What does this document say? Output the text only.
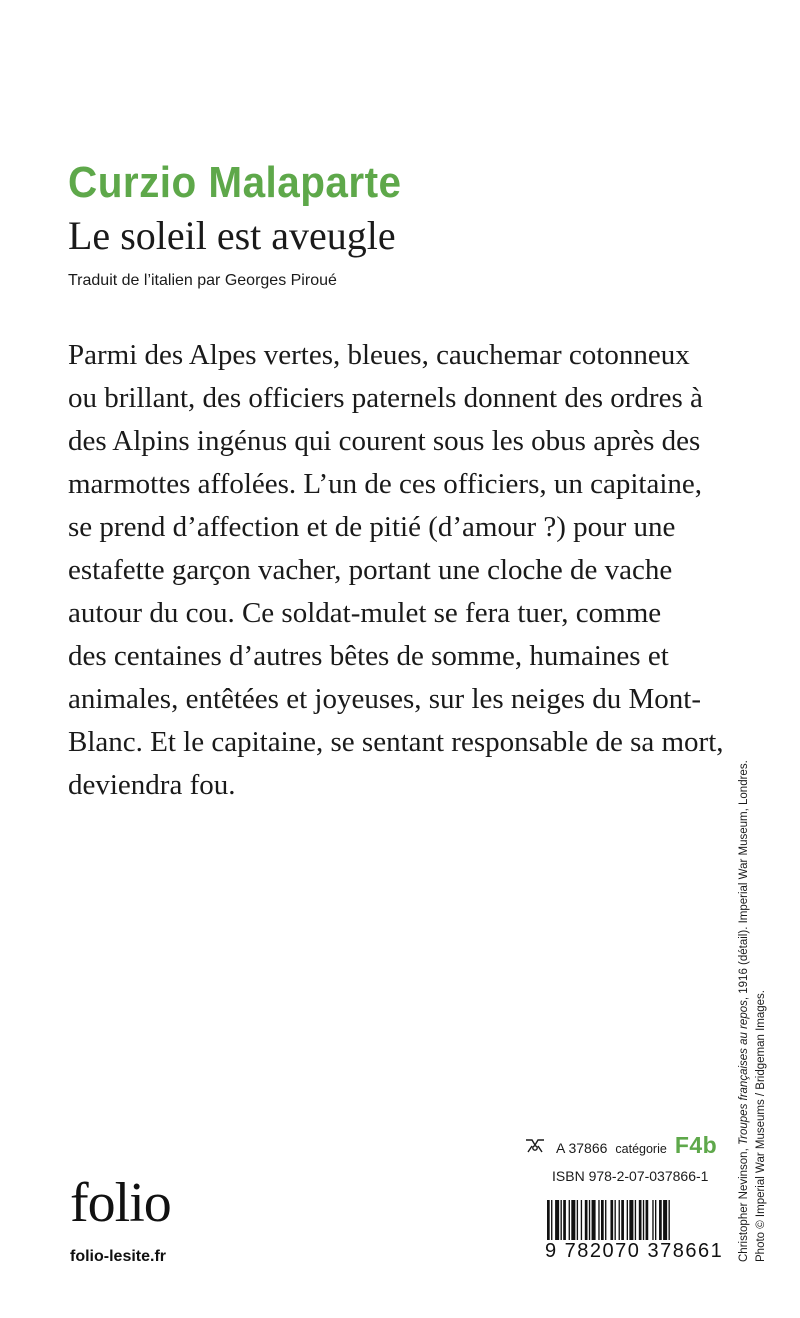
Curzio Malaparte
Le soleil est aveugle
Traduit de l’italien par Georges Piroué
Parmi des Alpes vertes, bleues, cauchemar cotonneux
ou brillant, des officiers paternels donnent des ordres à
des Alpins ingénus qui courent sous les obus après des
marmottes affolées. L’un de ces officiers, un capitaine,
se prend d’affection et de pitié (d’amour ?) pour une
estafette garçon vacher, portant une cloche de vache
autour du cou. Ce soldat-mulet se fera tuer, comme
des centaines d’autres bêtes de somme, humaines et
animales, entêtées et joyeuses, sur les neiges du Mont-
Blanc. Et le capitaine, se sentant responsable de sa mort,
deviendra fou.
Christopher Nevinson, Troupes françaises au repos, 1916 (détail). Imperial War Museum, Londres.
Photo © Imperial War Museums / Bridgeman Images.
folio
folio-lesite.fr
A 37866 catégorie F4b
ISBN 978-2-07-037866-1
9 782070 378661
